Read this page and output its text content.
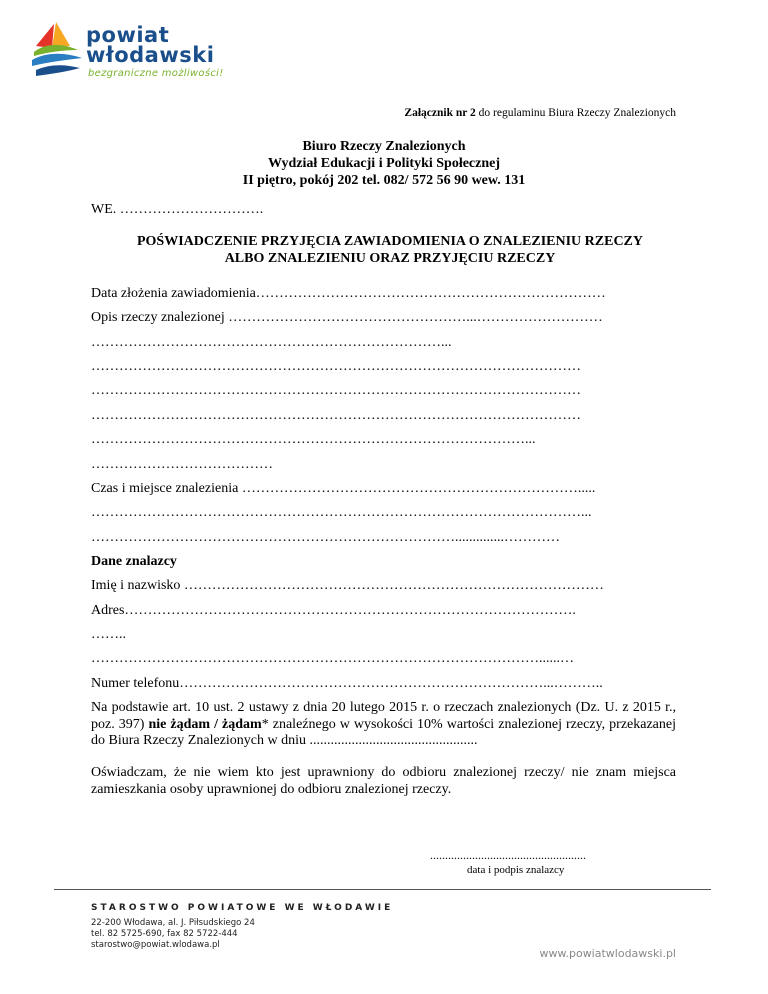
powiat
włodawski
bezgraniczne możliwości!
Załącznik nr 2 do regulaminu Biura Rzeczy Znalezionych
Biuro Rzeczy Znalezionych
Wydział Edukacji i Polityki Społecznej
II piętro, pokój 202 tel. 082/ 572 56 90 wew. 131
WE. ………………………….
POŚWIADCZENIE PRZYJĘCIA ZAWIADOMIENIA O ZNALEZIENIU RZECZY
ALBO ZNALEZIENIU ORAZ PRZYJĘCIU RZECZY
Data złożenia zawiadomienia…………………………………………………………………
Opis rzeczy znalezionej ……………………………………………...………………………
…………………………………………………………………...
……………………………………………………………………………………………
……………………………………………………………………………………………
……………………………………………………………………………………………
…………………………………………………………………………………...
…………………………………
Czas i miejsce znalezienia ……………………………………………………………….....
……………………………………………………………………………………………...
……………………………………………………………………..............…………
Dane znalazcy
Imię i nazwisko ………………………………………………………………………………
Adres…………………………………………………………………………………….
……..
……………………………………………………………………………………......…
Numer telefonu……………………………………………………………………...………..
Na podstawie art. 10 ust. 2 ustawy z dnia 20 lutego 2015 r. o rzeczach znalezionych (Dz. U. z 2015 r., poz. 397) nie żądam / żądam* znaleźnego w wysokości 10% wartości znalezionej rzeczy, przekazanej do Biura Rzeczy Znalezionych w dniu ................................................
Oświadczam, że nie wiem kto jest uprawniony do odbioru znalezionej rzeczy/ nie znam miejsca zamieszkania osoby uprawnionej do odbioru znalezionej rzeczy.
....................................................
data i podpis znalazcy
STAROSTWO POWIATOWE WE WŁODAWIE
22-200 Włodawa, al. J. Piłsudskiego 24
tel. 82 5725-690, fax 82 5722-444
starostwo@powiat.wlodawa.pl
www.powiatwlodawski.pl
